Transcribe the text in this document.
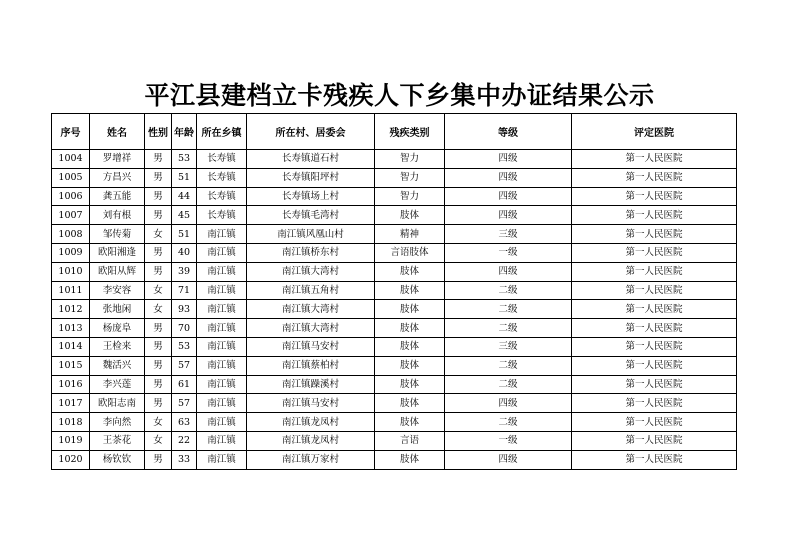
平江县建档立卡残疾人下乡集中办证结果公示
序号	姓名	性别	年龄	所在乡镇	所在村、居委会	残疾类别	等级	评定医院
1004	罗增祥	男	53	长寿镇	长寿镇道石村	智力	四级	第一人民医院
1005	方昌兴	男	51	长寿镇	长寿镇阳坪村	智力	四级	第一人民医院
1006	龚五能	男	44	长寿镇	长寿镇场上村	智力	四级	第一人民医院
1007	刘有根	男	45	长寿镇	长寿镇毛湾村	肢体	四级	第一人民医院
1008	邹传菊	女	51	南江镇	南江镇风凰山村	精神	三级	第一人民医院
1009	欧阳湘逢	男	40	南江镇	南江镇桥东村	言语肢体	一级	第一人民医院
1010	欧阳从辉	男	39	南江镇	南江镇大湾村	肢体	四级	第一人民医院
1011	李安容	女	71	南江镇	南江镇五角村	肢体	二级	第一人民医院
1012	张地闲	女	93	南江镇	南江镇大湾村	肢体	二级	第一人民医院
1013	杨庞阜	男	70	南江镇	南江镇大湾村	肢体	二级	第一人民医院
1014	王检来	男	53	南江镇	南江镇马安村	肢体	三级	第一人民医院
1015	魏活兴	男	57	南江镇	南江镇蔡柏村	肢体	二级	第一人民医院
1016	李兴莲	男	61	南江镇	南江镇躁溪村	肢体	二级	第一人民医院
1017	欧阳志南	男	57	南江镇	南江镇马安村	肢体	四级	第一人民医院
1018	李向然	女	63	南江镇	南江镇龙凤村	肢体	二级	第一人民医院
1019	王茶花	女	22	南江镇	南江镇龙凤村	言语	一级	第一人民医院
1020	杨钦钦	男	33	南江镇	南江镇万家村	肢体	四级	第一人民医院
